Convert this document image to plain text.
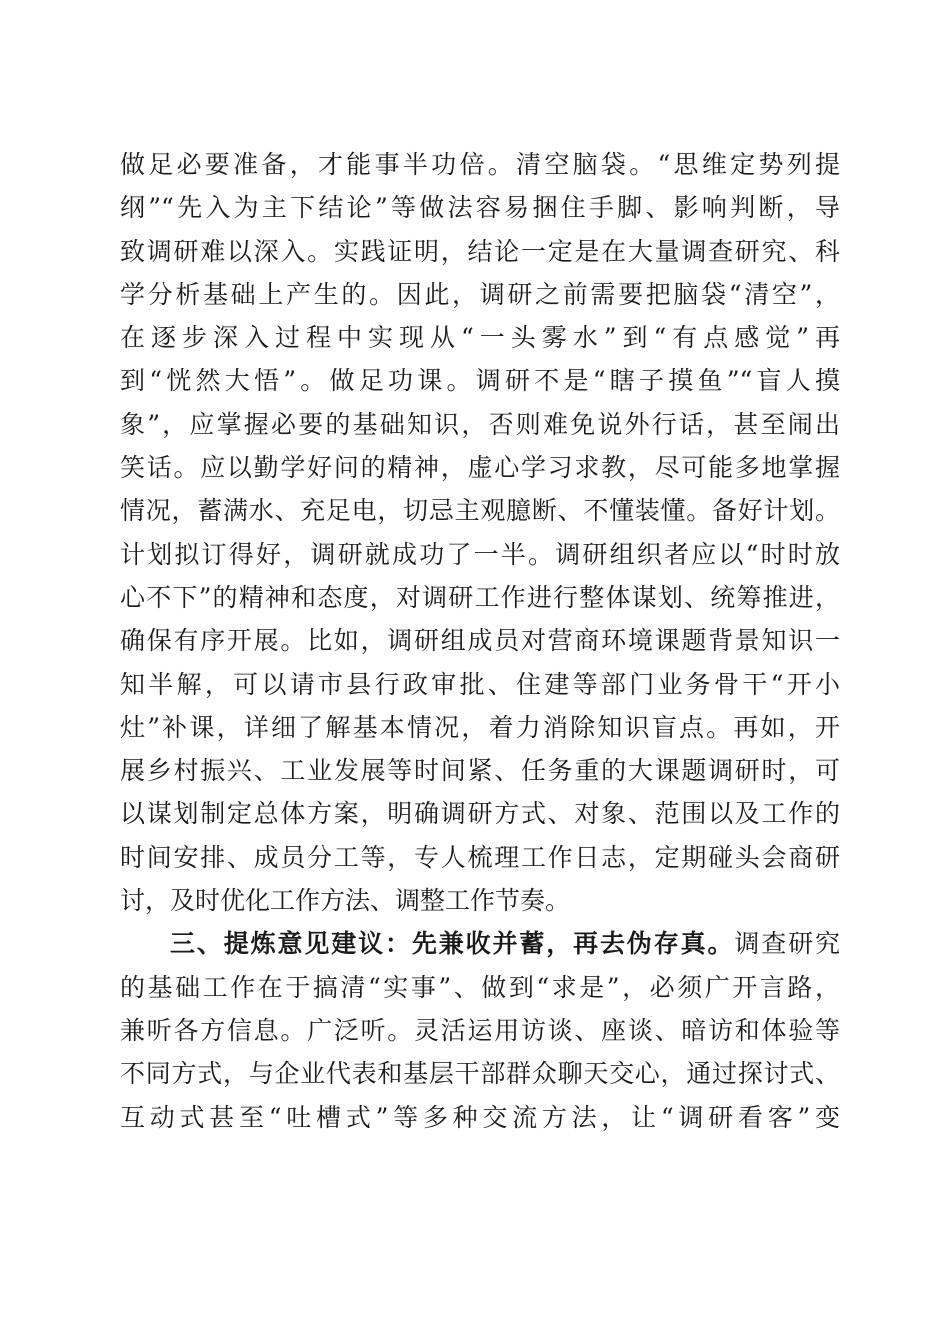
做足必要准备，才能事半功倍。清空脑袋。“思维定势列提
纲”“先入为主下结论”等做法容易捆住手脚、影响判断，导
致调研难以深入。实践证明，结论一定是在大量调查研究、科
学分析基础上产生的。因此，调研之前需要把脑袋“清空”，
在逐步深入过程中实现从“一头雾水”到“有点感觉”再
到“恍然大悟”。做足功课。调研不是“瞎子摸鱼”“盲人摸
象”，应掌握必要的基础知识，否则难免说外行话，甚至闹出
笑话。应以勤学好问的精神，虚心学习求教，尽可能多地掌握
情况，蓄满水、充足电，切忌主观臆断、不懂装懂。备好计划。
计划拟订得好，调研就成功了一半。调研组织者应以“时时放
心不下”的精神和态度，对调研工作进行整体谋划、统筹推进，
确保有序开展。比如，调研组成员对营商环境课题背景知识一
知半解，可以请市县行政审批、住建等部门业务骨干“开小
灶”补课，详细了解基本情况，着力消除知识盲点。再如，开
展乡村振兴、工业发展等时间紧、任务重的大课题调研时，可
以谋划制定总体方案，明确调研方式、对象、范围以及工作的
时间安排、成员分工等，专人梳理工作日志，定期碰头会商研
讨，及时优化工作方法、调整工作节奏。
三、提炼意见建议：先兼收并蓄，再去伪存真。调查研究
的基础工作在于搞清“实事”、做到“求是”，必须广开言路，
兼听各方信息。广泛听。灵活运用访谈、座谈、暗访和体验等
不同方式，与企业代表和基层干部群众聊天交心，通过探讨式、
互动式甚至“吐槽式”等多种交流方法，让“调研看客”变
